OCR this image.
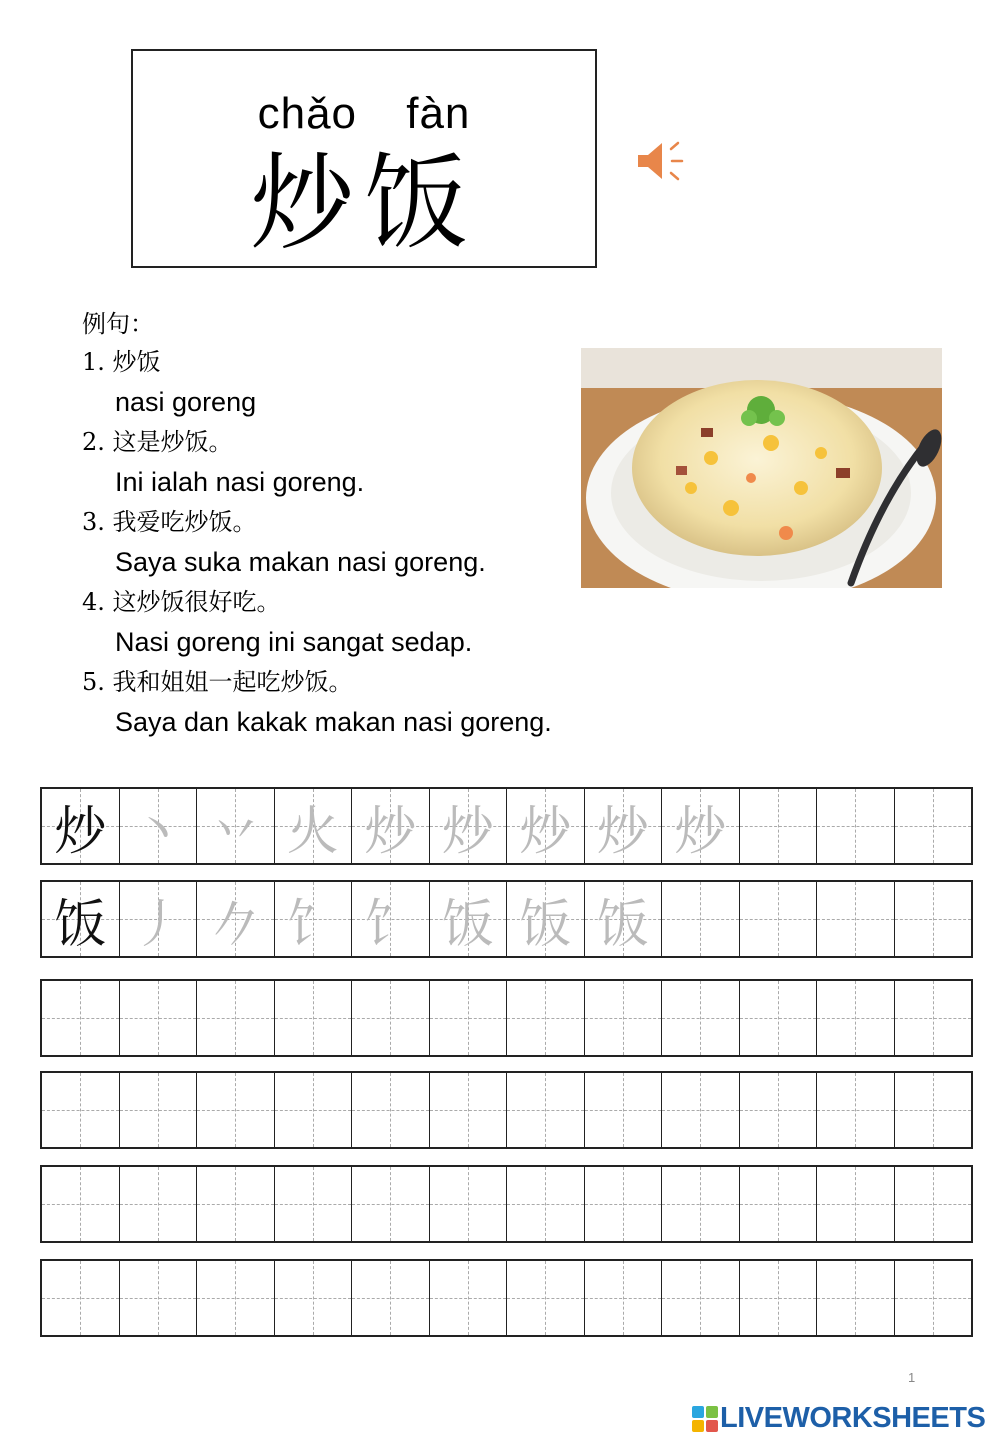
chǎo fàn
炒饭
例句：
1. 炒饭
nasi goreng
2. 这是炒饭。
Ini ialah nasi goreng.
3. 我爱吃炒饭。
Saya suka makan nasi goreng.
4. 这炒饭很好吃。
Nasi goreng ini sangat sedap.
5. 我和姐姐一起吃炒饭。
Saya dan kakak makan nasi goreng.
炒 丶 丷 火 炒 炒 炒 炒 炒
饭 丿 𠂊 饣 饣 饭 饭 饭
1
LIVEWORKSHEETS
